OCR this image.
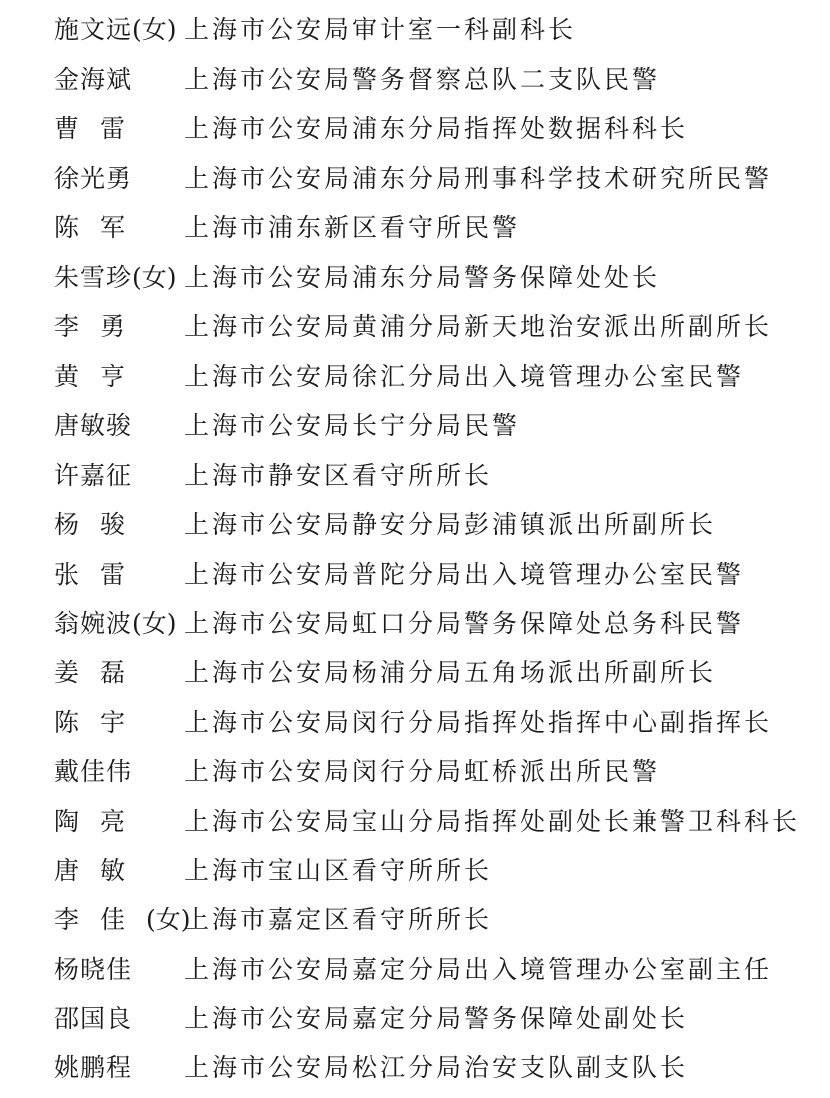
施文远(女) 上海市公安局审计室一科副科长
金海斌 上海市公安局警务督察总队二支队民警
曹雷 上海市公安局浦东分局指挥处数据科科长
徐光勇 上海市公安局浦东分局刑事科学技术研究所民警
陈军 上海市浦东新区看守所民警
朱雪珍(女) 上海市公安局浦东分局警务保障处处长
李勇 上海市公安局黄浦分局新天地治安派出所副所长
黄亨 上海市公安局徐汇分局出入境管理办公室民警
唐敏骏 上海市公安局长宁分局民警
许嘉征 上海市静安区看守所所长
杨骏 上海市公安局静安分局彭浦镇派出所副所长
张雷 上海市公安局普陀分局出入境管理办公室民警
翁婉波(女) 上海市公安局虹口分局警务保障处总务科民警
姜磊 上海市公安局杨浦分局五角场派出所副所长
陈宇 上海市公安局闵行分局指挥处指挥中心副指挥长
戴佳伟 上海市公安局闵行分局虹桥派出所民警
陶亮 上海市公安局宝山分局指挥处副处长兼警卫科科长
唐敏 上海市宝山区看守所所长
李佳(女)
上海市嘉定区看守所所长
杨晓佳 上海市公安局嘉定分局出入境管理办公室副主任
邵国良 上海市公安局嘉定分局警务保障处副处长
姚鹏程 上海市公安局松江分局治安支队副支队长
